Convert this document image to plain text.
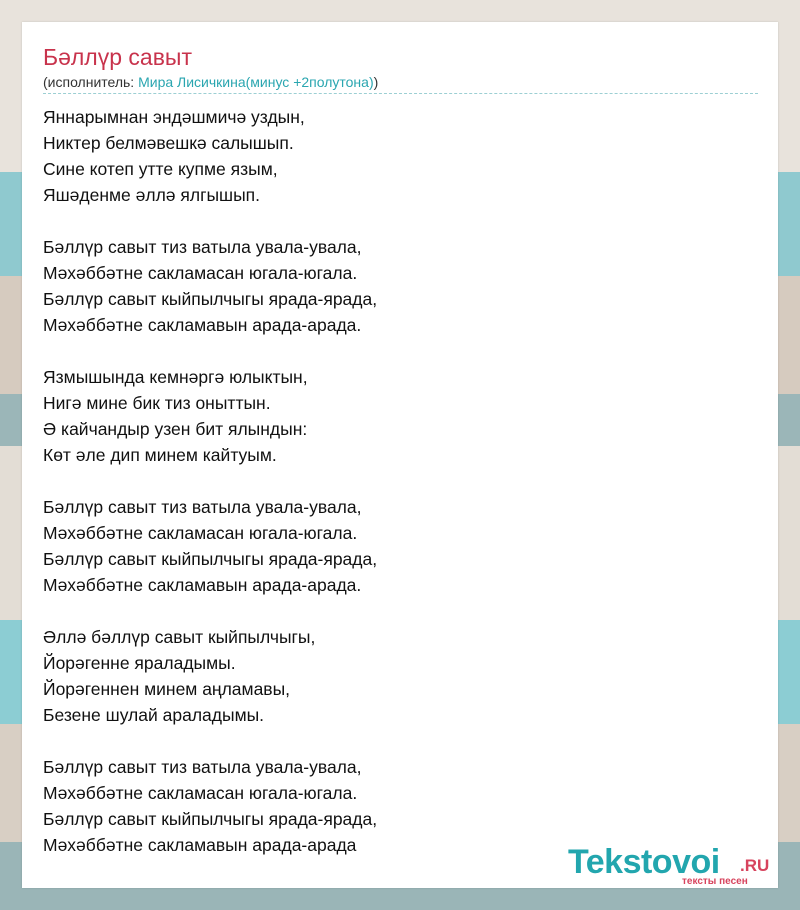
Бәллүр савыт
(исполнитель: Мира Лисичкина(минус +2полутона))
Яннарымнан эндәшмичә уздын,
Никтер белмәвешкә салышып.
Сине котеп утте купме язым,
Яшәденме әллә ялгышып.
Бәллүр савыт тиз ватыла увала-увала,
Мәхәббәтне сакламасан югала-югала.
Бәллүр савыт кыйпылчыгы ярада-ярада,
Мәхәббәтне сакламавын арада-арада.
Язмышында кемнәргә юлыктын,
Нигә мине бик тиз оныттын.
Ә кайчандыр узен бит ялындын:
Көт әле дип минем кайтуым.
Бәллүр савыт тиз ватыла увала-увала,
Мәхәббәтне сакламасан югала-югала.
Бәллүр савыт кыйпылчыгы ярада-ярада,
Мәхәббәтне сакламавын арада-арада.
Әллә бәллүр савыт кыйпылчыгы,
Йорәгенне яраладымы.
Йорәгеннен минем аңламавы,
Безене шулай араладымы.
Бәллүр савыт тиз ватыла увала-увала,
Мәхәббәтне сакламасан югала-югала.
Бәллүр савыт кыйпылчыгы ярада-ярада,
Мәхәббәтне сакламавын арада-арада	Tekstovoi .RU
тексты песен
